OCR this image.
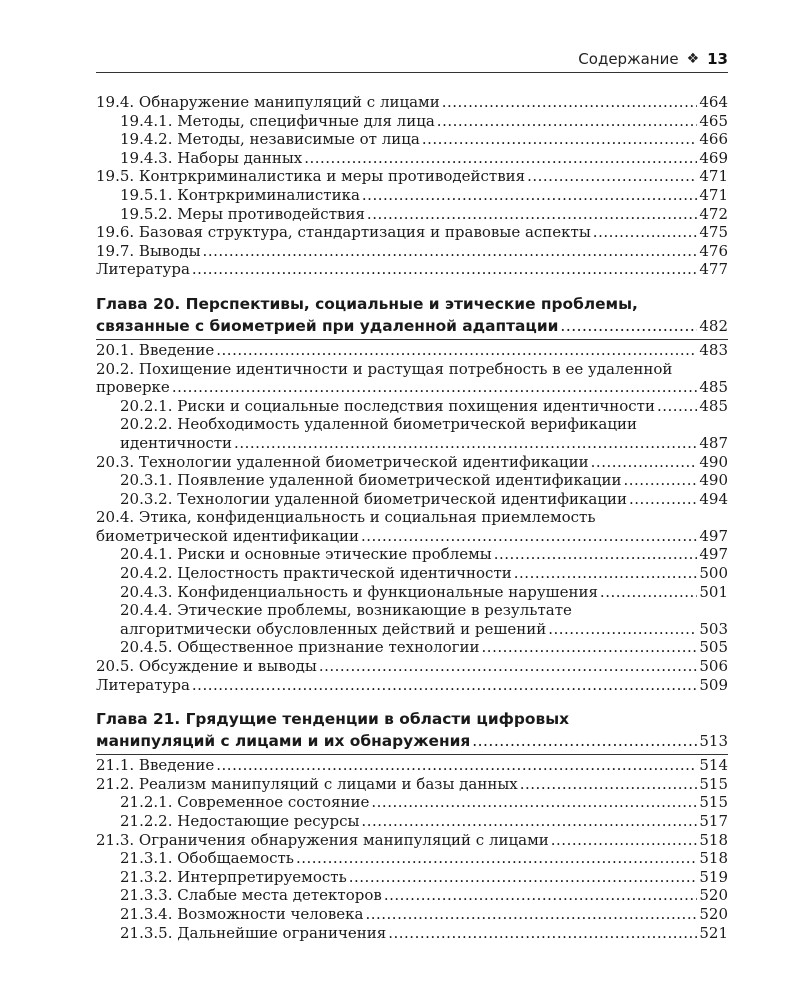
Содержание ❖ 13
19.4. Обнаружение манипуляций с лицами .....	464
19.4.1. Методы, специфичные для лица .....	465
19.4.2. Методы, независимые от лица .....	466
19.4.3. Наборы данных .....	469
19.5. Контркриминалистика и меры противодействия .....	471
19.5.1. Контркриминалистика .....	471
19.5.2. Меры противодействия .....	472
19.6. Базовая структура, стандартизация и правовые аспекты .....	475
19.7. Выводы .....	476
Литература .....	477
Глава 20. Перспективы, социальные и этические проблемы,
связанные с биометрией при удаленной адаптации .....	482
20.1. Введение .....	483
20.2. Похищение идентичности и растущая потребность в ее удаленной
проверке .....	485
20.2.1. Риски и социальные последствия похищения идентичности .....	485
20.2.2. Необходимость удаленной биометрической верификации
идентичности .....	487
20.3. Технологии удаленной биометрической идентификации .....	490
20.3.1. Появление удаленной биометрической идентификации .....	490
20.3.2. Технологии удаленной биометрической идентификации .....	494
20.4. Этика, конфиденциальность и социальная приемлемость
биометрической идентификации .....	497
20.4.1. Риски и основные этические проблемы .....	497
20.4.2. Целостность практической идентичности .....	500
20.4.3. Конфиденциальность и функциональные нарушения .....	501
20.4.4. Этические проблемы, возникающие в результате
алгоритмически обусловленных действий и решений .....	503
20.4.5. Общественное признание технологии .....	505
20.5. Обсуждение и выводы .....	506
Литература .....	509
Глава 21. Грядущие тенденции в области цифровых
манипуляций с лицами и их обнаружения .....	513
21.1. Введение .....	514
21.2. Реализм манипуляций с лицами и базы данных .....	515
21.2.1. Современное состояние .....	515
21.2.2. Недостающие ресурсы .....	517
21.3. Ограничения обнаружения манипуляций с лицами .....	518
21.3.1. Обобщаемость .....	518
21.3.2. Интерпретируемость .....	519
21.3.3. Слабые места детекторов .....	520
21.3.4. Возможности человека .....	520
21.3.5. Дальнейшие ограничения .....	521
